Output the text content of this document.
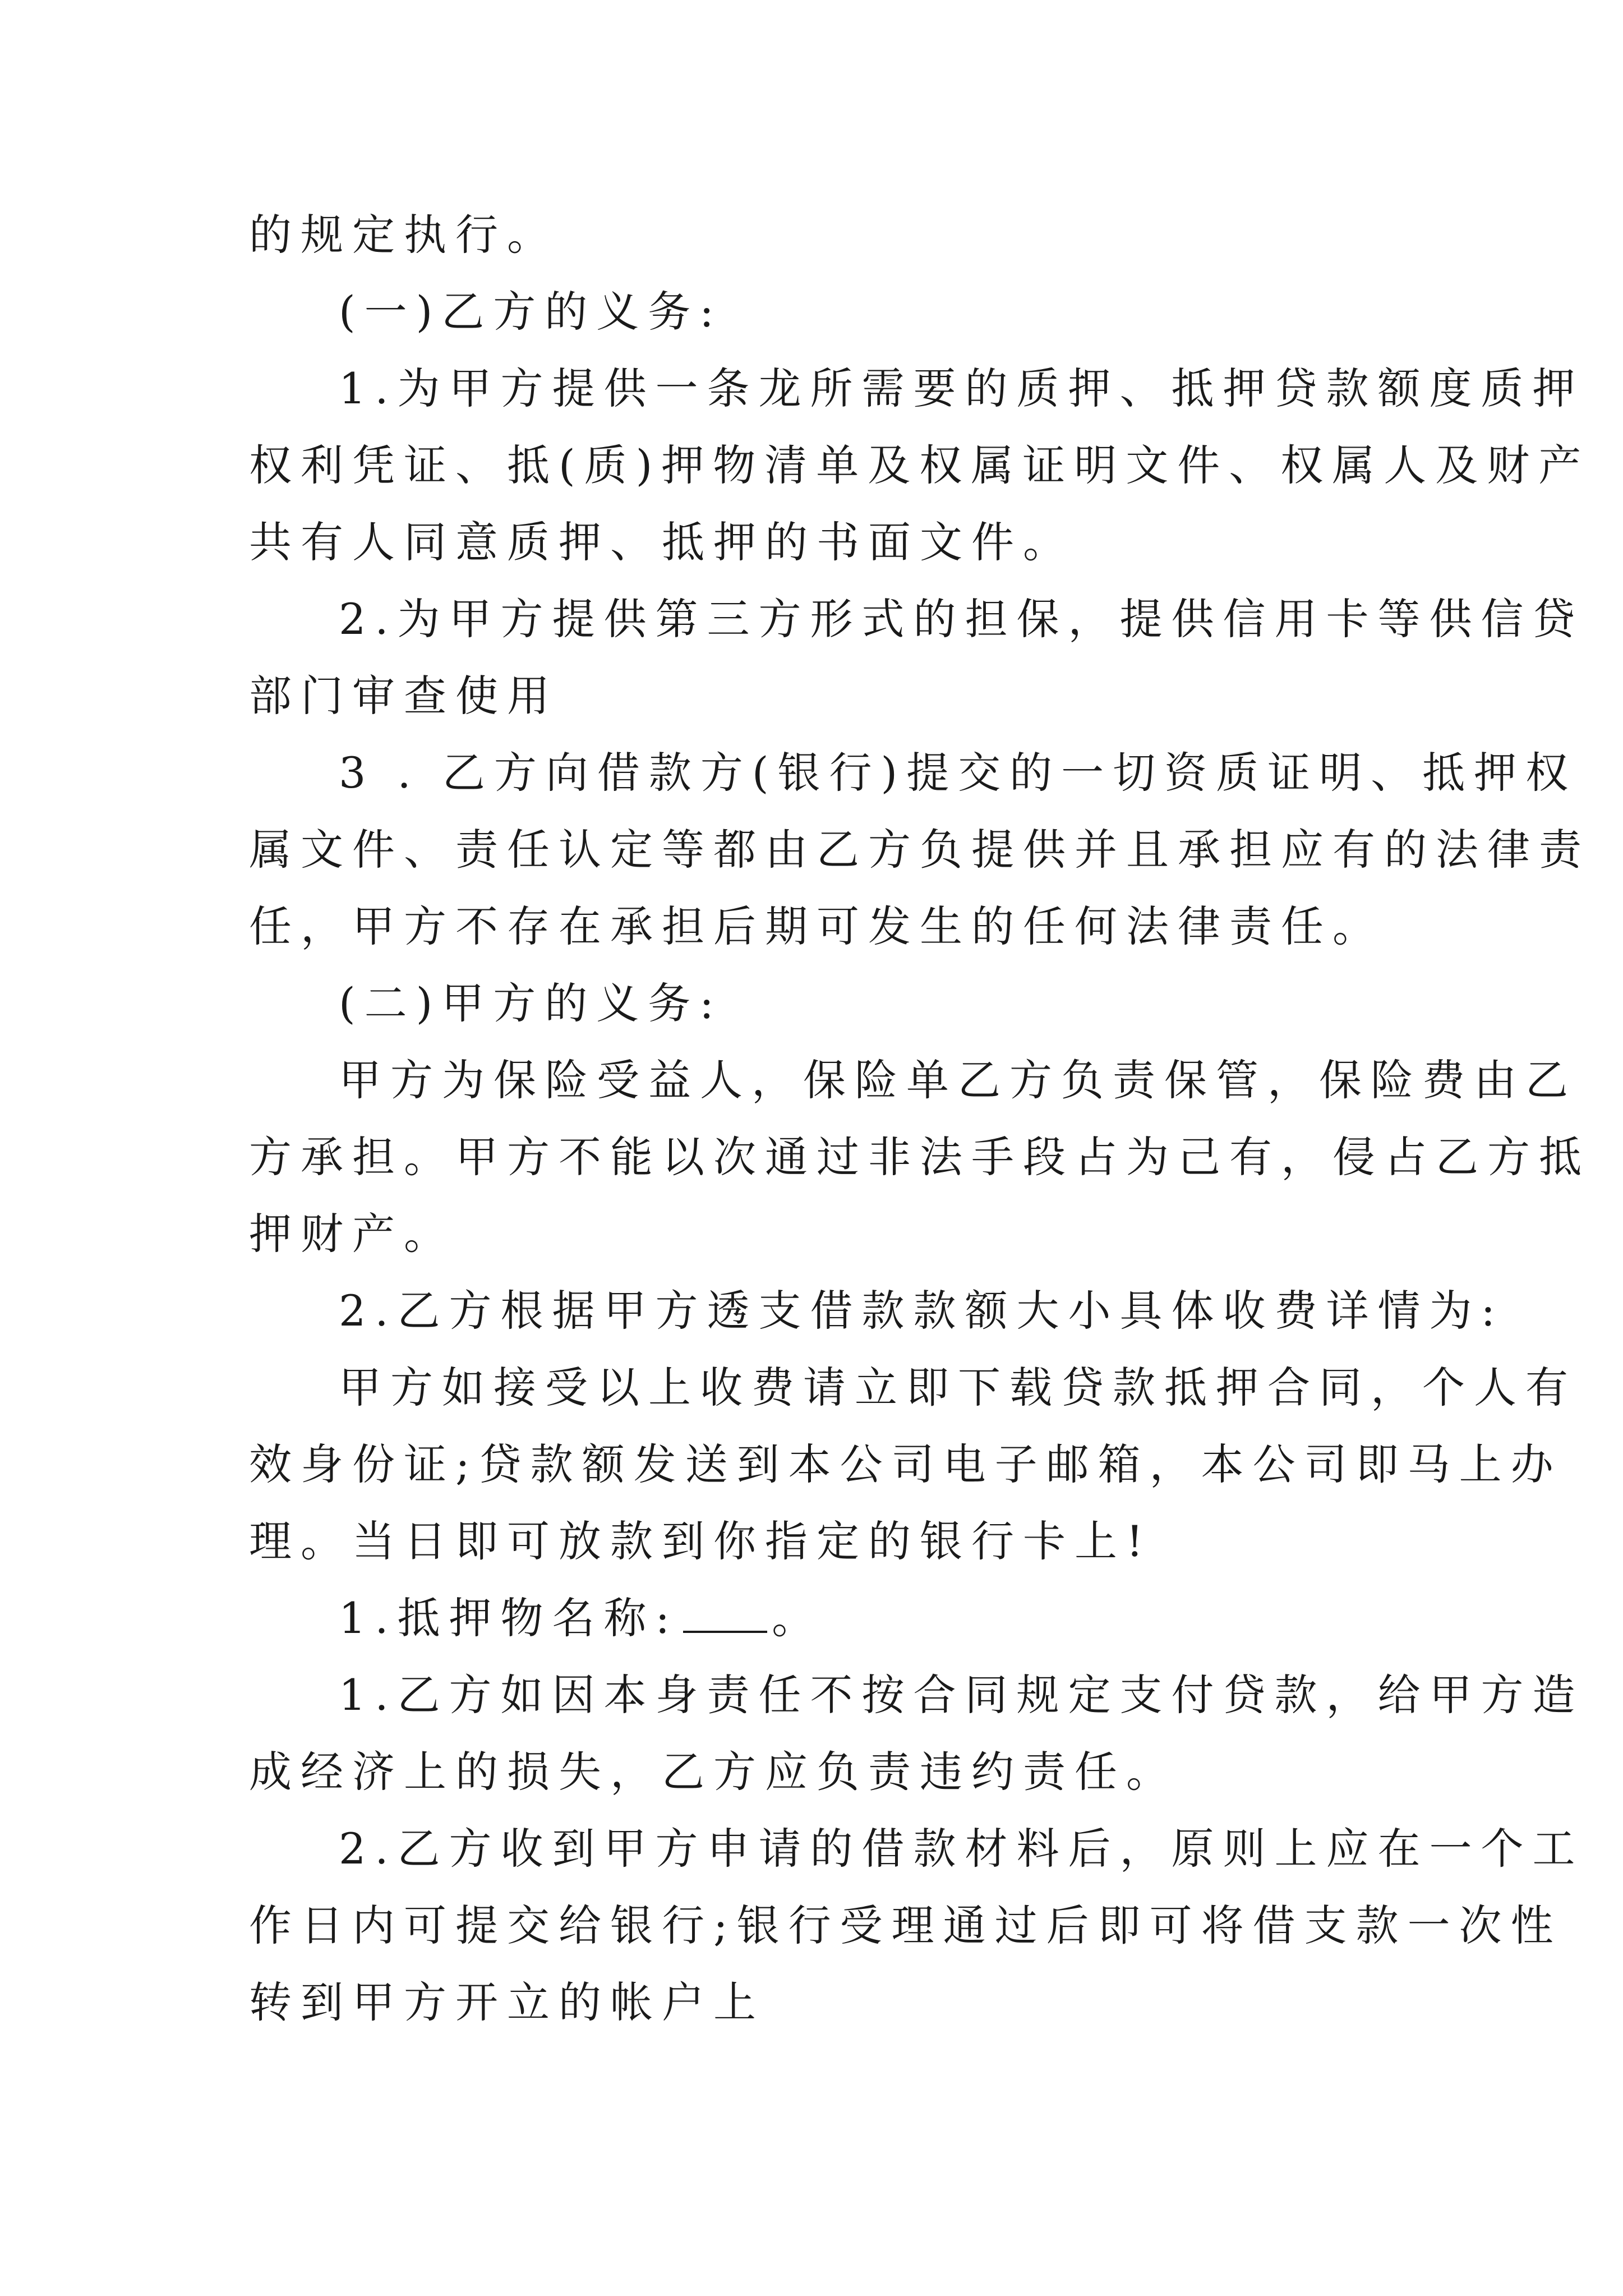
的规定执行。
(一)乙方的义务:
1.为甲方提供一条龙所需要的质押、抵押贷款额度质押
权利凭证、抵(质)押物清单及权属证明文件、权属人及财产
共有人同意质押、抵押的书面文件。
2.为甲方提供第三方形式的担保，提供信用卡等供信贷
部门审查使用
3 . 乙方向借款方(银行)提交的一切资质证明、抵押权
属文件、责任认定等都由乙方负提供并且承担应有的法律责
任，甲方不存在承担后期可发生的任何法律责任。
(二)甲方的义务:
甲方为保险受益人，保险单乙方负责保管，保险费由乙
方承担。甲方不能以次通过非法手段占为己有，侵占乙方抵
押财产。
2.乙方根据甲方透支借款款额大小具体收费详情为:
甲方如接受以上收费请立即下载贷款抵押合同，个人有
效身份证;贷款额发送到本公司电子邮箱，本公司即马上办
理。当日即可放款到你指定的银行卡上!
1.抵押物名称: 。
1.乙方如因本身责任不按合同规定支付贷款，给甲方造
成经济上的损失，乙方应负责违约责任。
2.乙方收到甲方申请的借款材料后，原则上应在一个工
作日内可提交给银行;银行受理通过后即可将借支款一次性
转到甲方开立的帐户上
